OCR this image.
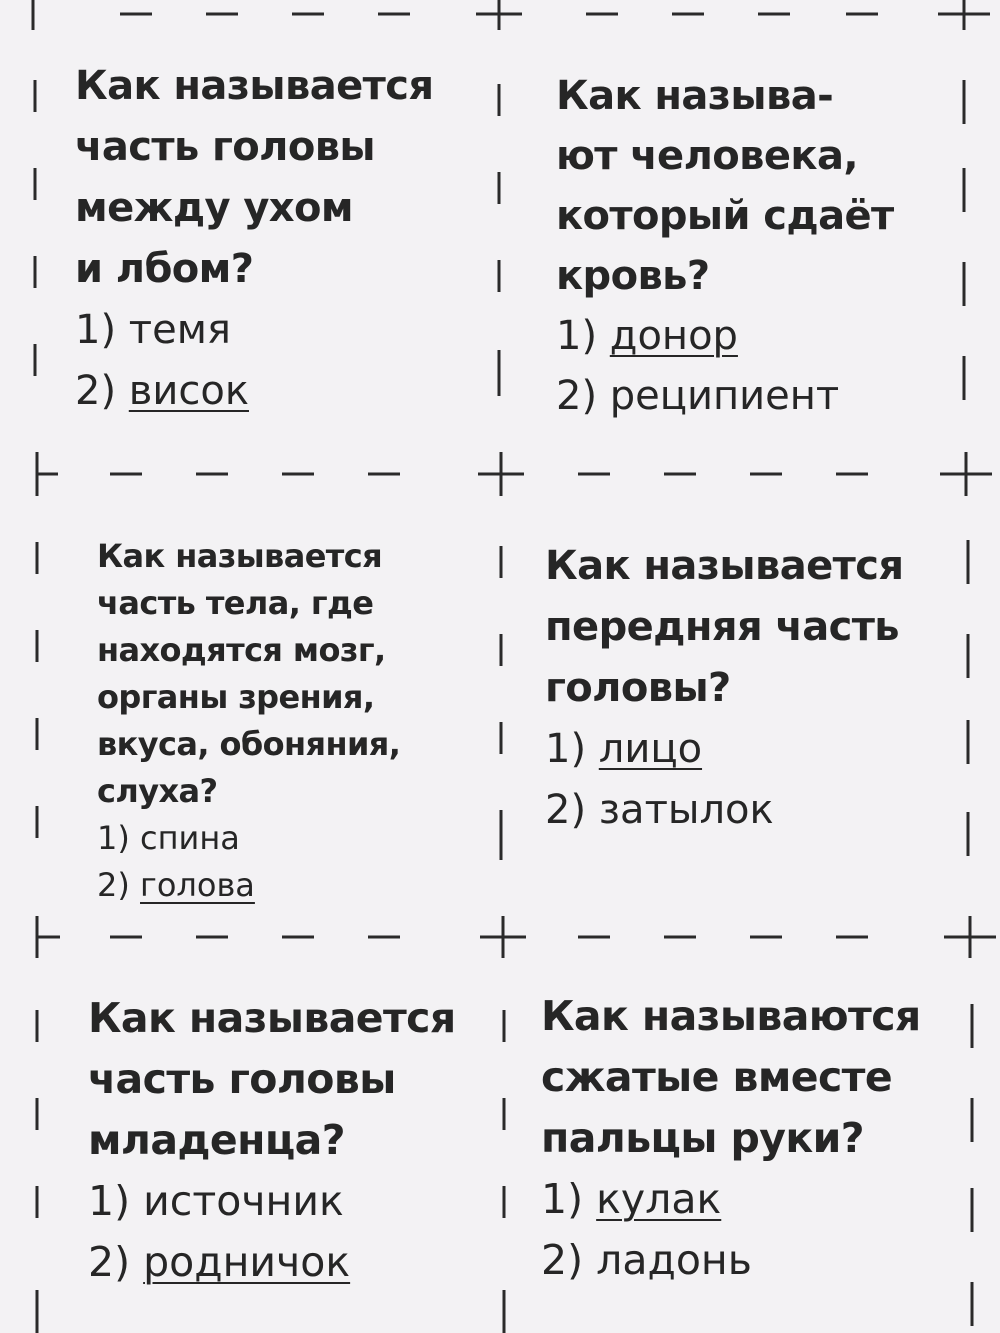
Как называется
часть головы
между ухом
и лбом?

1) темя

2) висок

Как называ-
ют человека,
который сдаёт
кровь?

1) донор

2) реципиент

Как называется
часть тела, где
находятся мозг,
органы зрения,
вкуса, обоняния,
слуха?

1) спина

2) голова

Как называется
передняя часть
головы?

1) лицо

2) затылок

Как называется
часть головы
младенца?

1) источник

2) родничок

Как называются
сжатые вместе
пальцы руки?

1) кулак

2) ладонь
